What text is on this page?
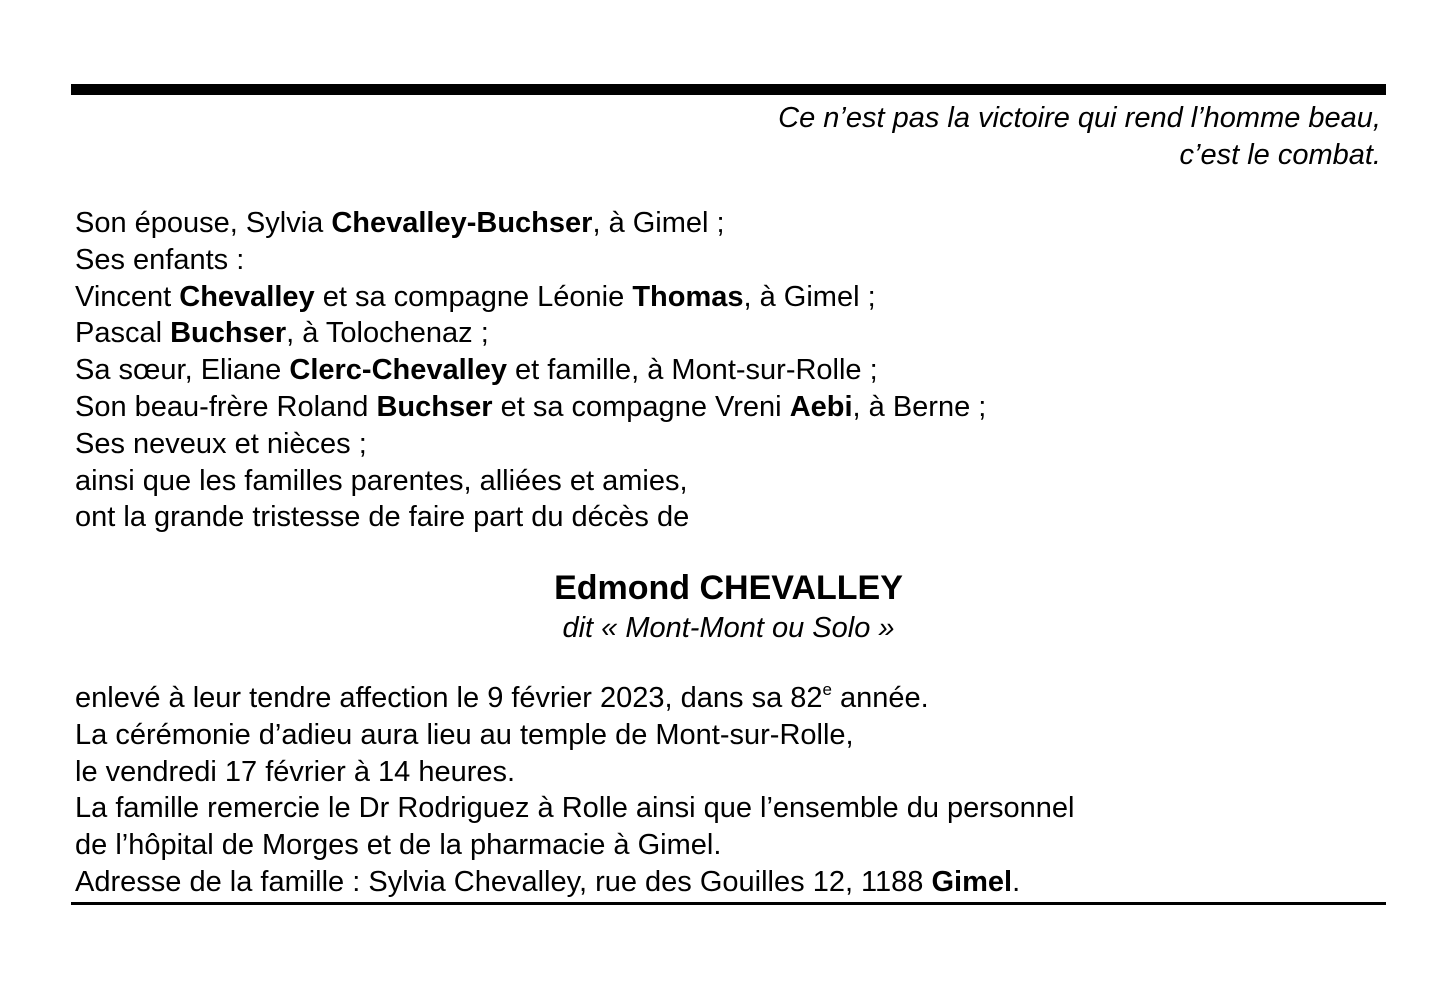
Ce n’est pas la victoire qui rend l’homme beau,
c’est le combat.
Son épouse, Sylvia Chevalley-Buchser, à Gimel ;
Ses enfants :
Vincent Chevalley et sa compagne Léonie Thomas, à Gimel ;
Pascal Buchser, à Tolochenaz ;
Sa sœur, Eliane Clerc-Chevalley et famille, à Mont-sur-Rolle ;
Son beau-frère Roland Buchser et sa compagne Vreni Aebi, à Berne ;
Ses neveux et nièces ;
ainsi que les familles parentes, alliées et amies,
ont la grande tristesse de faire part du décès de
Edmond CHEVALLEY
dit « Mont-Mont ou Solo »
enlevé à leur tendre affection le 9 février 2023, dans sa 82e année.
La cérémonie d’adieu aura lieu au temple de Mont-sur-Rolle,
le vendredi 17 février à 14 heures.
La famille remercie le Dr Rodriguez à Rolle ainsi que l’ensemble du personnel
de l’hôpital de Morges et de la pharmacie à Gimel.
Adresse de la famille : Sylvia Chevalley, rue des Gouilles 12, 1188 Gimel.
